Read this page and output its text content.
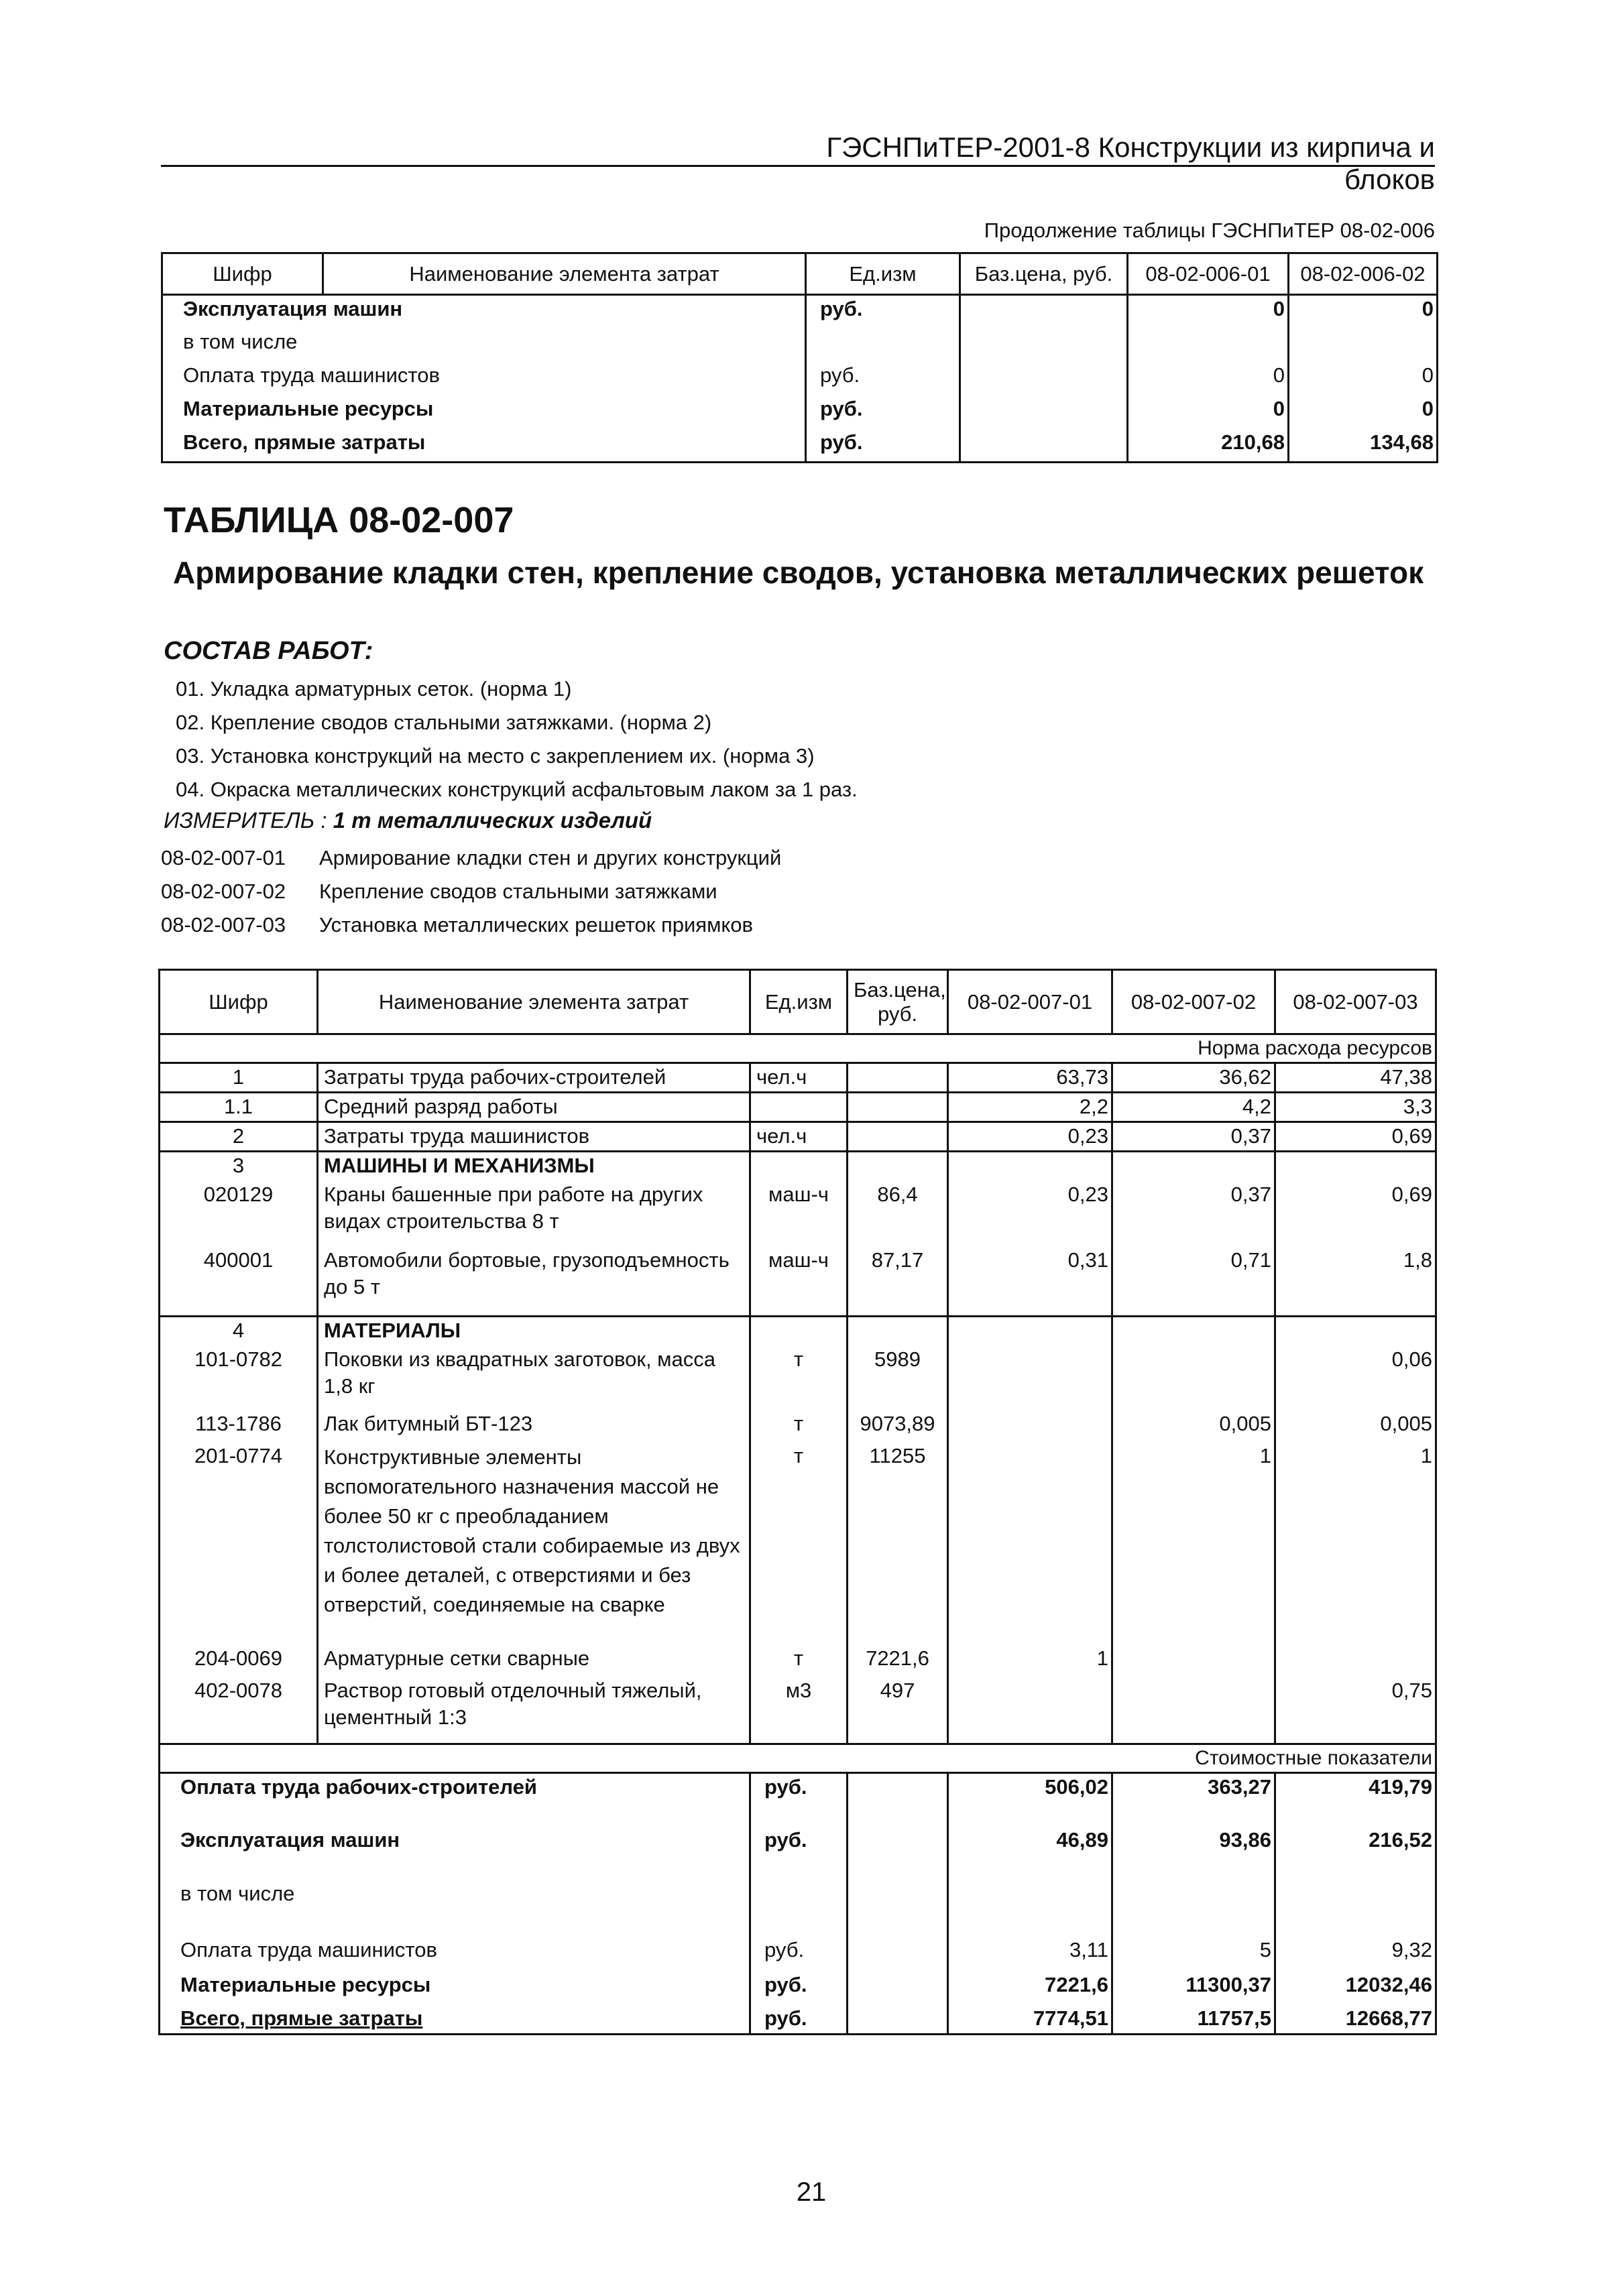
ГЭСНПиТЕР-2001-8 Конструкции из кирпича и блоков
Продолжение таблицы ГЭСНПиТЕР 08-02-006
Шифр	Наименование элемента затрат	Ед.изм	Баз.цена, руб.	08-02-006-01	08-02-006-02
Эксплуатация машин		руб.		0	0
в том числе					
Оплата труда машинистов		руб.		0	0
Материальные ресурсы		руб.		0	0
Всего, прямые затраты		руб.		210,68	134,68
ТАБЛИЦА 08-02-007
Армирование кладки стен, крепление сводов, установка металлических решеток
СОСТАВ РАБОТ:
01. Укладка арматурных сеток. (норма 1)
02. Крепление сводов стальными затяжками. (норма 2)
03. Установка конструкций на место с закреплением их. (норма 3)
04. Окраска металлических конструкций асфальтовым лаком за 1 раз.
ИЗМЕРИТЕЛЬ : 1 т металлических изделий
08-02-007-01 Армирование кладки стен и других конструкций
08-02-007-02 Крепление сводов стальными затяжками
08-02-007-03 Установка металлических решеток приямков
Шифр	Наименование элемента затрат	Ед.изм	Баз.цена, руб.	08-02-007-01	08-02-007-02	08-02-007-03
Норма расхода ресурсов						
1	Затраты труда рабочих-строителей	чел.ч		63,73	36,62	47,38
1.1	Средний разряд работы			2,2	4,2	3,3
2	Затраты труда машинистов	чел.ч		0,23	0,37	0,69
3	МАШИНЫ И МЕХАНИЗМЫ					
020129	Краны башенные при работе на других видах строительства 8 т	маш-ч	86,4	0,23	0,37	0,69
400001	Автомобили бортовые, грузоподъемность до 5 т	маш-ч	87,17	0,31	0,71	1,8
4	МАТЕРИАЛЫ					
101-0782	Поковки из квадратных заготовок, масса 1,8 кг	т	5989			0,06
113-1786	Лак битумный БТ-123	т	9073,89		0,005	0,005
201-0774	Конструктивные элементы вспомогательного назначения массой не более 50 кг с преобладанием толстолистовой стали собираемые из двух и более деталей, с отверстиями и без отверстий, соединяемые на сварке	т	11255		1	1
204-0069	Арматурные сетки сварные	т	7221,6	1		
402-0078	Раствор готовый отделочный тяжелый, цементный 1:3	м3	497			0,75
Стоимостные показатели						
Оплата труда рабочих-строителей		руб.		506,02	363,27	419,79
Эксплуатация машин		руб.		46,89	93,86	216,52
в том числе						
Оплата труда машинистов		руб.		3,11	5	9,32
Материальные ресурсы		руб.		7221,6	11300,37	12032,46
Всего, прямые затраты		руб.		7774,51	11757,5	12668,77
21
